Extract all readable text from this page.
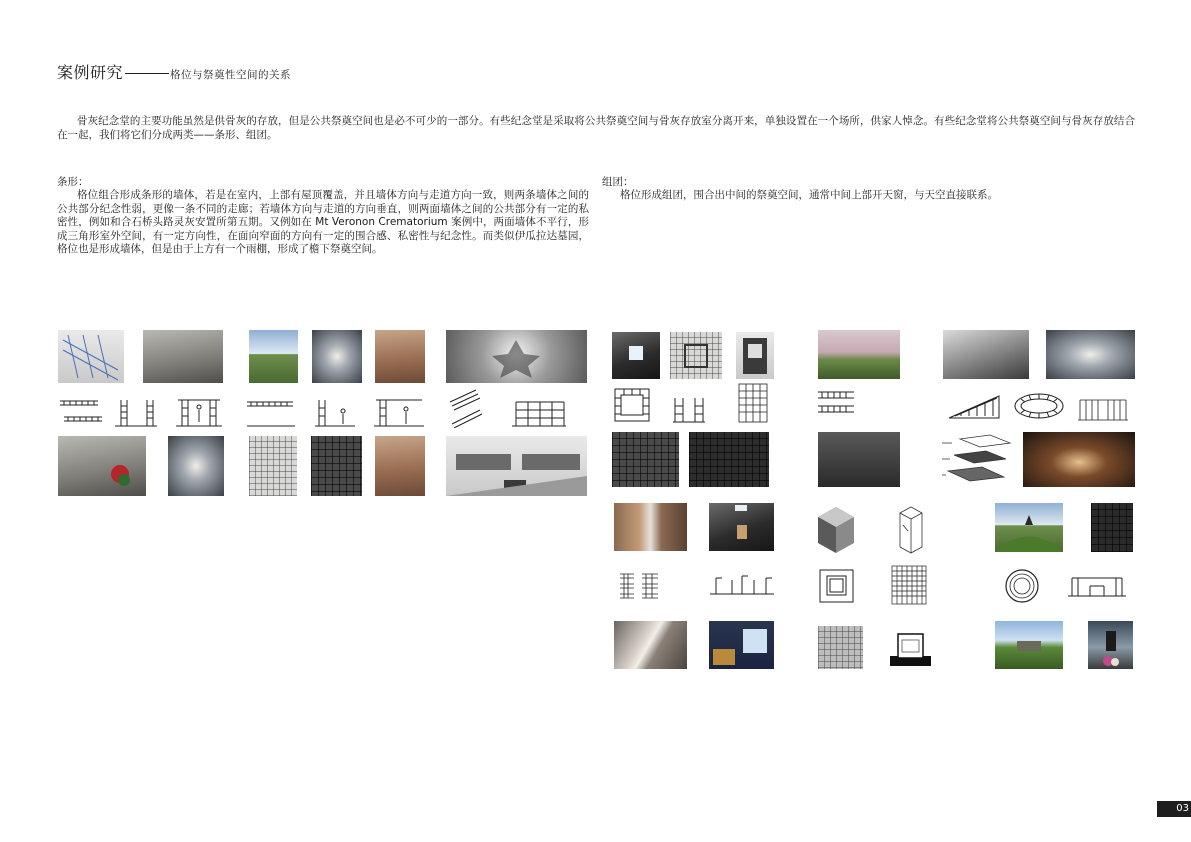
案例研究	格位与祭奠性空间的关系
骨灰纪念堂的主要功能虽然是供骨灰的存放，但是公共祭奠空间也是必不可少的一部分。有些纪念堂是采取将公共祭奠空间与骨灰存放室分离开来，单独设置在一个场所，供家人悼念。有些纪念堂将公共祭奠空间与骨灰存放结合在一起，我们将它们分成两类——条形、组团。
条形：
格位组合形成条形的墙体，若是在室内，上部有屋顶覆盖，并且墙体方向与走道方向一致，则两条墙体之间的公共部分纪念性弱，更像一条不同的走廊；若墙体方向与走道的方向垂直，则两面墙体之间的公共部分有一定的私密性，例如和合石桥头路灵灰安置所第五期。又例如在 Mt Veronon Crematorium 案例中，两面墙体不平行，形成三角形室外空间，有一定方向性，在面向窄面的方向有一定的围合感、私密性与纪念性。而类似伊瓜拉达墓园，格位也是形成墙体，但是由于上方有一个雨棚，形成了檐下祭奠空间。
组团：
格位形成组团，围合出中间的祭奠空间，通常中间上部开天窗，与天空直接联系。
03
